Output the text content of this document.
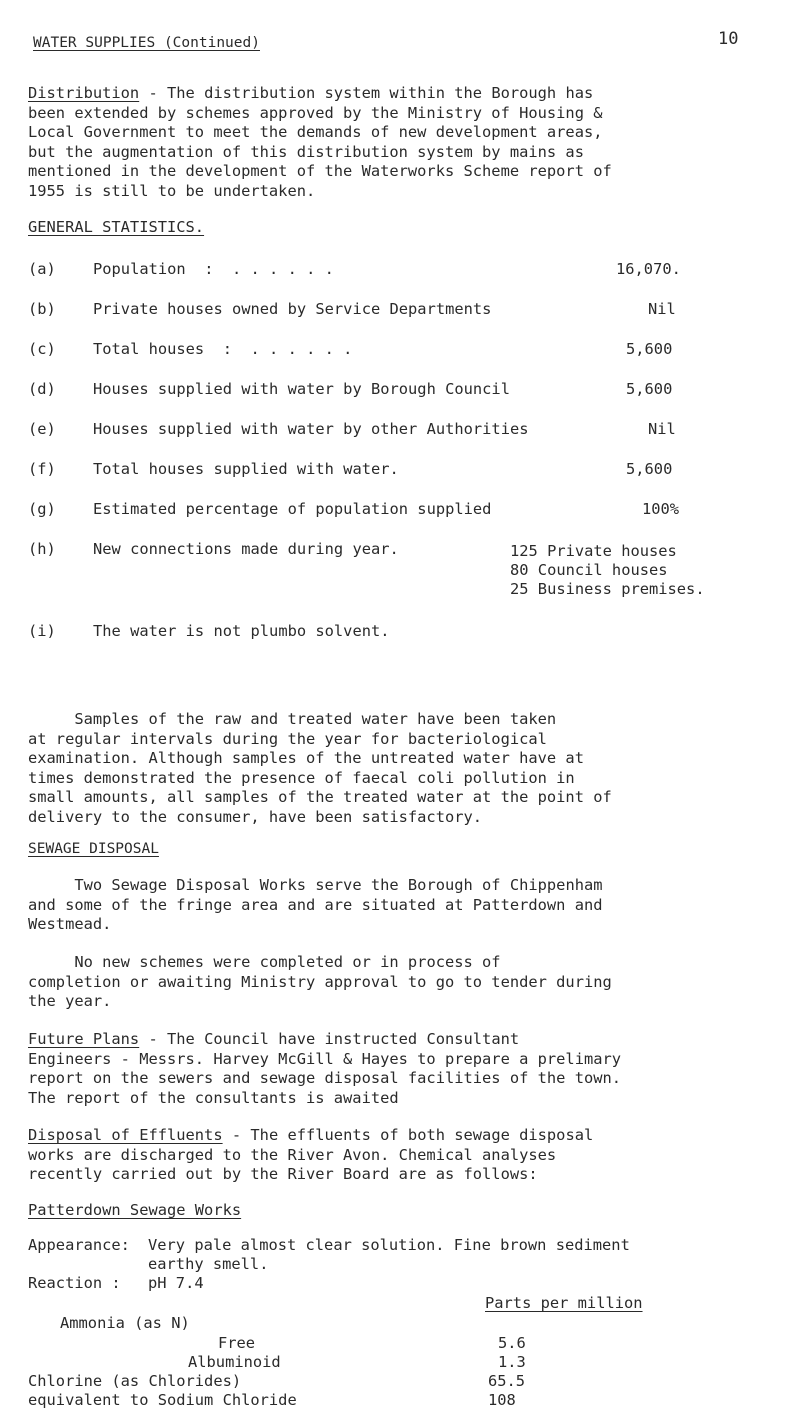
WATER SUPPLIES (Continued)	10
Distribution - The distribution system within the Borough has
been extended by schemes approved by the Ministry of Housing &
Local Government to meet the demands of new development areas,
but the augmentation of this distribution system by mains as
mentioned in the development of the Waterworks Scheme report of
1955 is still to be undertaken.
GENERAL STATISTICS.
(a) Population  :  . . . . . .	16,070.
(b) Private houses owned by Service Departments	Nil
(c) Total houses  :  . . . . . .	5,600
(d) Houses supplied with water by Borough Council	5,600
(e) Houses supplied with water by other Authorities	Nil
(f) Total houses supplied with water.	5,600
(g) Estimated percentage of population supplied	100%
(h) New connections made during year.	125 Private houses
80 Council houses
25 Business premises.
(i) The water is not plumbo solvent.
Samples of the raw and treated water have been taken
at regular intervals during the year for bacteriological
examination. Although samples of the untreated water have at
times demonstrated the presence of faecal coli pollution in
small amounts, all samples of the treated water at the point of
delivery to the consumer, have been satisfactory.
SEWAGE DISPOSAL
Two Sewage Disposal Works serve the Borough of Chippenham
and some of the fringe area and are situated at Patterdown and
Westmead.
No new schemes were completed or in process of
completion or awaiting Ministry approval to go to tender during
the year.
Future Plans - The Council have instructed Consultant
Engineers - Messrs. Harvey McGill & Hayes to prepare a prelimary
report on the sewers and sewage disposal facilities of the town.
The report of the consultants is awaited
Disposal of Effluents - The effluents of both sewage disposal
works are discharged to the River Avon. Chemical analyses
recently carried out by the River Board are as follows:
Patterdown Sewage Works
Appearance: Very pale almost clear solution. Fine brown sediment
earthy smell.
Reaction : pH 7.4
Parts per million
Ammonia (as N)
Free	5.6
Albuminoid	1.3
Chlorine (as Chlorides)	65.5
equivalent to Sodium Chloride	108
